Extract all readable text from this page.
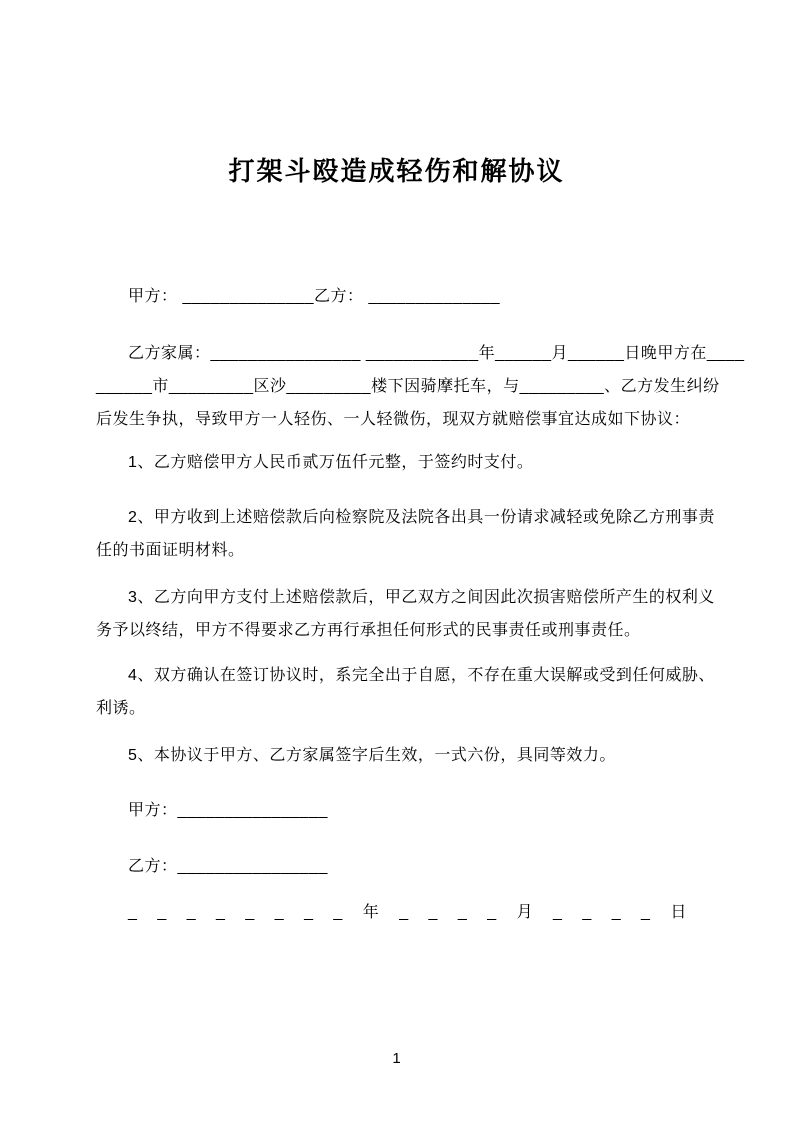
打架斗殴造成轻伤和解协议
甲方： ______________乙方： ______________
乙方家属：________________ ____________年______月______日晚甲方在____
______市_________区沙_________楼下因骑摩托车，与_________、乙方发生纠纷
后发生争执，导致甲方一人轻伤、一人轻微伤，现双方就赔偿事宜达成如下协议：
1、乙方赔偿甲方人民币贰万伍仟元整，于签约时支付。
2、甲方收到上述赔偿款后向检察院及法院各出具一份请求减轻或免除乙方刑事责
任的书面证明材料。
3、乙方向甲方支付上述赔偿款后，甲乙双方之间因此次损害赔偿所产生的权利义
务予以终结，甲方不得要求乙方再行承担任何形式的民事责任或刑事责任。
4、双方确认在签订协议时，系完全出于自愿，不存在重大误解或受到任何威胁、
利诱。
5、本协议于甲方、乙方家属签字后生效，一式六份，具同等效力。
甲方：________________
乙方：________________
_ _ _ _ _ _ _ _ 年 _ _ _ _ 月 _ _ _ _ 日
1
